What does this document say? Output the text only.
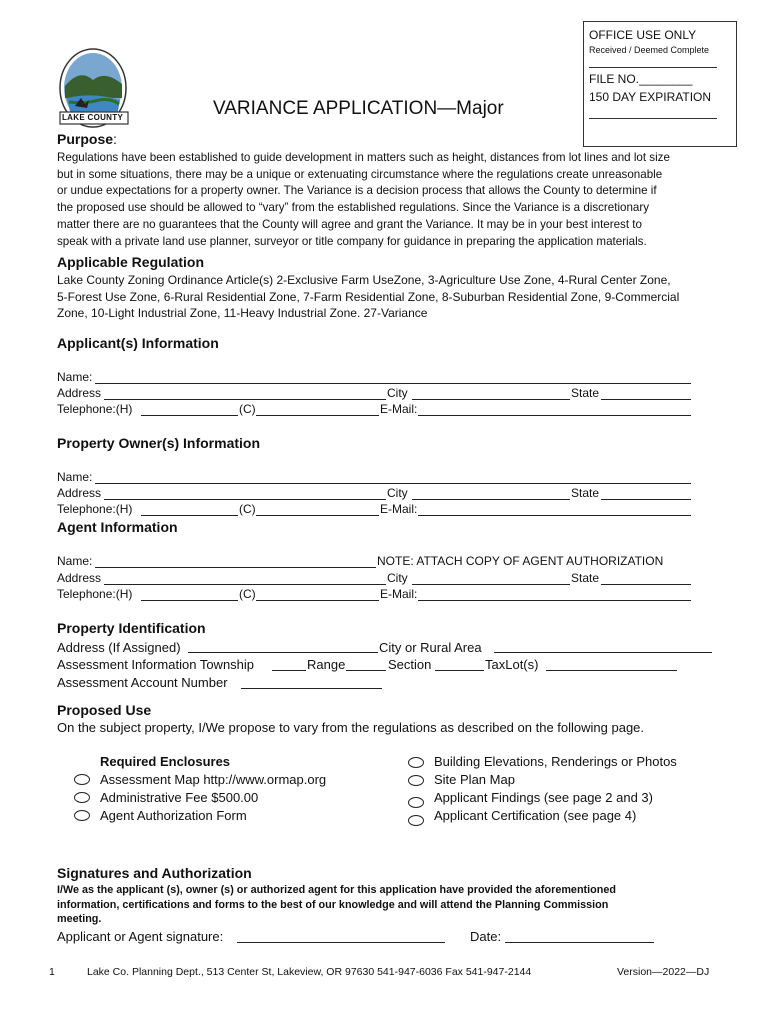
OFFICE USE ONLY
Received / Deemed Complete
FILE NO.________
150 DAY EXPIRATION
LAKE COUNTY	VARIANCE APPLICATION—Major
Purpose:
Regulations have been established to guide development in matters such as height, distances from lot lines and lot size
but in some situations, there may be a unique or extenuating circumstance where the regulations create unreasonable
or undue expectations for a property owner. The Variance is a decision process that allows the County to determine if
the proposed use should be allowed to “vary” from the established regulations. Since the Variance is a discretionary
matter there are no guarantees that the County will agree and grant the Variance. It may be in your best interest to
speak with a private land use planner, surveyor or title company for guidance in preparing the application materials.
Applicable Regulation
Lake County Zoning Ordinance Article(s) 2-Exclusive Farm UseZone, 3-Agriculture Use Zone, 4-Rural Center Zone,
5-Forest Use Zone, 6-Rural Residential Zone, 7-Farm Residential Zone, 8-Suburban Residential Zone, 9-Commercial
Zone, 10-Light Industrial Zone, 11-Heavy Industrial Zone. 27-Variance
Applicant(s) Information
Name:
Address	City	State
Telephone:(H)	(C)	E-Mail:
Property Owner(s) Information
Name:
Address	City	State
Telephone:(H)	(C)	E-Mail:
Agent Information
Name:	NOTE: ATTACH COPY OF AGENT AUTHORIZATION
Address	City	State
Telephone:(H)	(C)	E-Mail:
Property Identification
Address (If Assigned)	City or Rural Area
Assessment Information Township	Range	Section	TaxLot(s)
Assessment Account Number
Proposed Use
On the subject property, I/We propose to vary from the regulations as described on the following page.
Required Enclosures
Assessment Map http://www.ormap.org
Administrative Fee $500.00
Agent Authorization Form
Building Elevations, Renderings or Photos
Site Plan Map
Applicant Findings (see page 2 and 3)
Applicant Certification (see page 4)
Signatures and Authorization
I/We as the applicant (s), owner (s) or authorized agent for this application have provided the aforementioned
information, certifications and forms to the best of our knowledge and will attend the Planning Commission
meeting.
Applicant or Agent signature:	Date:
1	Lake Co. Planning Dept., 513 Center St, Lakeview, OR 97630 541-947-6036 Fax 541-947-2144	Version—2022—DJ
